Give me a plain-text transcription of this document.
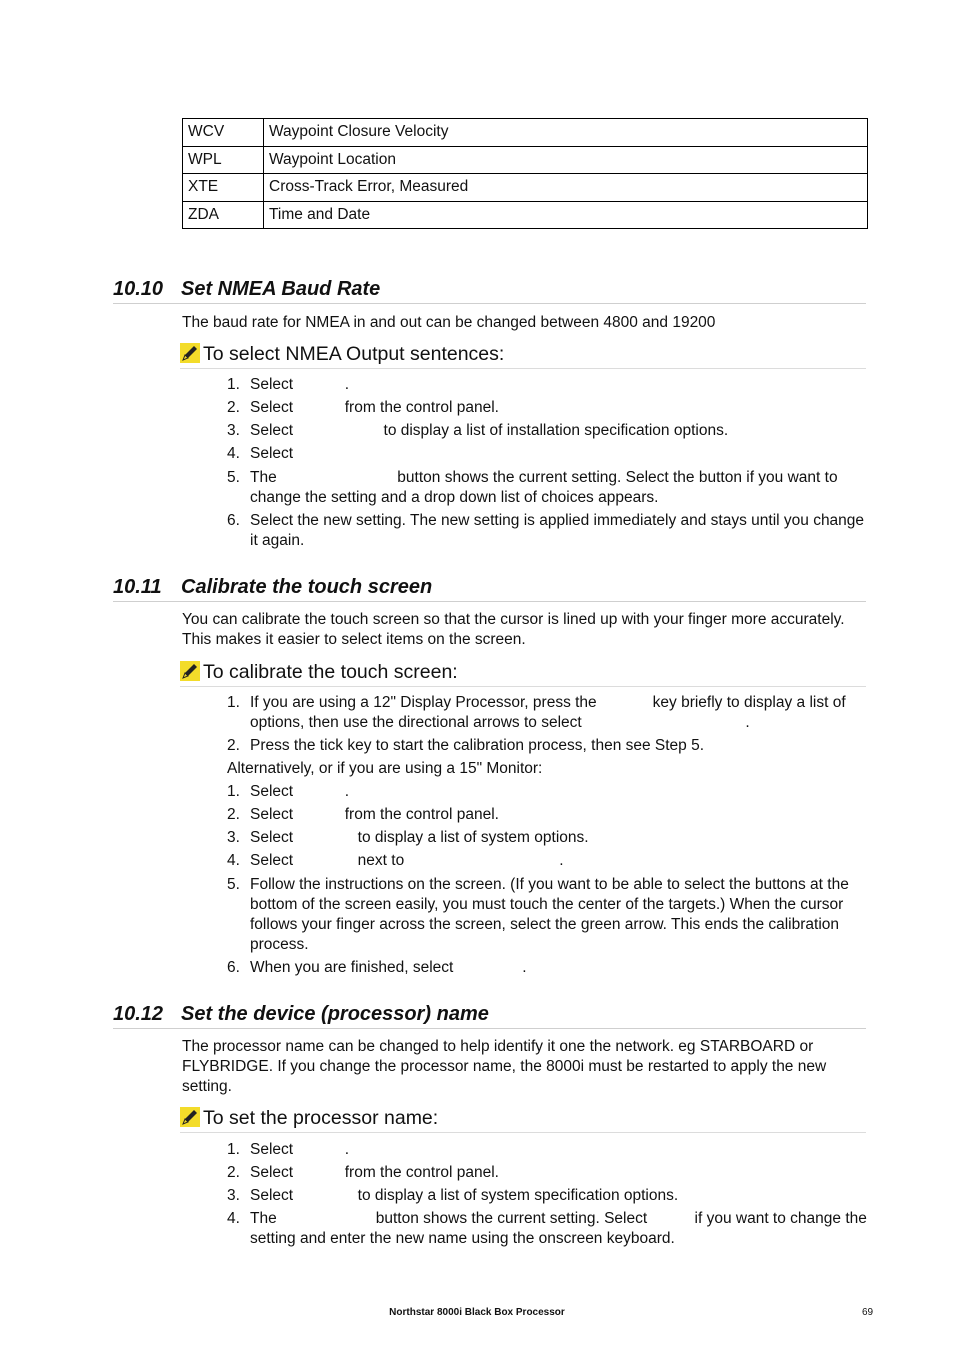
WCV	Waypoint Closure Velocity
WPL	Waypoint Location
XTE	Cross-Track Error, Measured
ZDA	Time and Date
10.10 Set NMEA Baud Rate
The baud rate for NMEA in and out can be changed between 4800 and 19200
To select NMEA Output sentences:
1. Select            .
2. Select            from the control panel.
3. Select                     to display a list of installation specification options.
4. Select
5. The                            button shows the current setting. Select the button if you want to change the setting and a drop down list of choices appears.
6. Select the new setting. The new setting is applied immediately and stays until you change it again.
10.11 Calibrate the touch screen
You can calibrate the touch screen so that the cursor is lined up with your finger more accurately. This makes it easier to select items on the screen.
To calibrate the touch screen:
1. If you are using a 12" Display Processor, press the             key briefly to display a list of options, then use the directional arrows to select                                      .
2. Press the tick key to start the calibration process, then see Step 5.
Alternatively, or if you are using a 15" Monitor:
1. Select            .
2. Select            from the control panel.
3. Select               to display a list of system options.
4. Select               next to                                    .
5. Follow the instructions on the screen. (If you want to be able to select the buttons at the bottom of the screen easily, you must touch the center of the targets.) When the cursor follows your finger across the screen, select the green arrow. This ends the calibration process.
6. When you are finished, select                .
10.12 Set the device (processor) name
The processor name can be changed to help identify it one the network. eg STARBOARD or FLYBRIDGE. If you change the processor name, the 8000i must be restarted to apply the new setting.
To set the processor name:
1. Select            .
2. Select            from the control panel.
3. Select               to display a list of system specification options.
4. The                       button shows the current setting. Select           if you want to change the setting and enter the new name using the onscreen keyboard.
Northstar 8000i Black Box Processor	69
